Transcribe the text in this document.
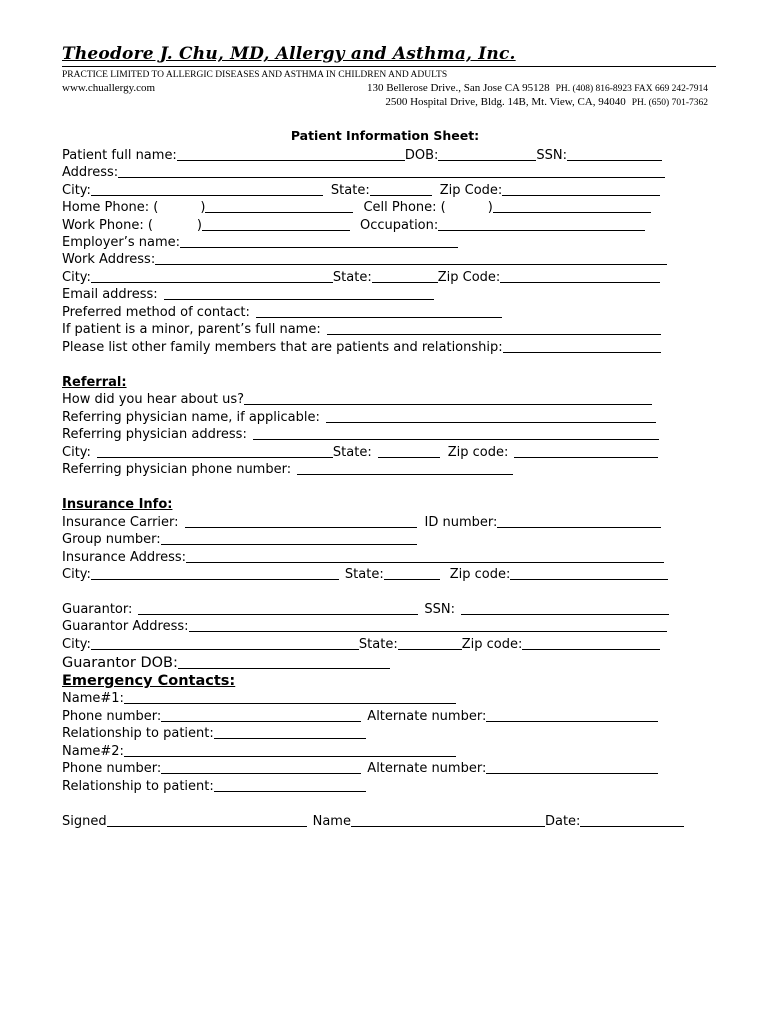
Theodore J. Chu, MD, Allergy and Asthma, Inc.
PRACTICE LIMITED TO ALLERGIC DISEASES AND ASTHMA IN CHILDREN AND ADULTS
www.chuallergy.com	130 Bellerose Drive., San Jose CA 95128 PH. (408) 816-8923 FAX 669 242-7914
2500 Hospital Drive, Bldg. 14B, Mt. View, CA, 94040 PH. (650) 701-7362
Patient Information Sheet:
Patient full name:	DOB:	SSN:
Address:
City:	State:	Zip Code:
Home Phone: (	)	Cell Phone: (	)
Work Phone: (	)	Occupation:
Employer’s name:
Work Address:
City:	State:	Zip Code:
Email address:
Preferred method of contact:
If patient is a minor, parent’s full name:
Please list other family members that are patients and relationship:
Referral:
How did you hear about us?
Referring physician name, if applicable:
Referring physician address:
City:	State:	Zip code:
Referring physician phone number:
Insurance Info:
Insurance Carrier:	ID number:
Group number:
Insurance Address:
City:	State:	Zip code:
Guarantor:	SSN:
Guarantor Address:
City:	State:	Zip code:
Guarantor DOB:
Emergency Contacts:
Name#1:
Phone number:	Alternate number:
Relationship to patient:
Name#2:
Phone number:	Alternate number:
Relationship to patient:
Signed	Name	Date:
